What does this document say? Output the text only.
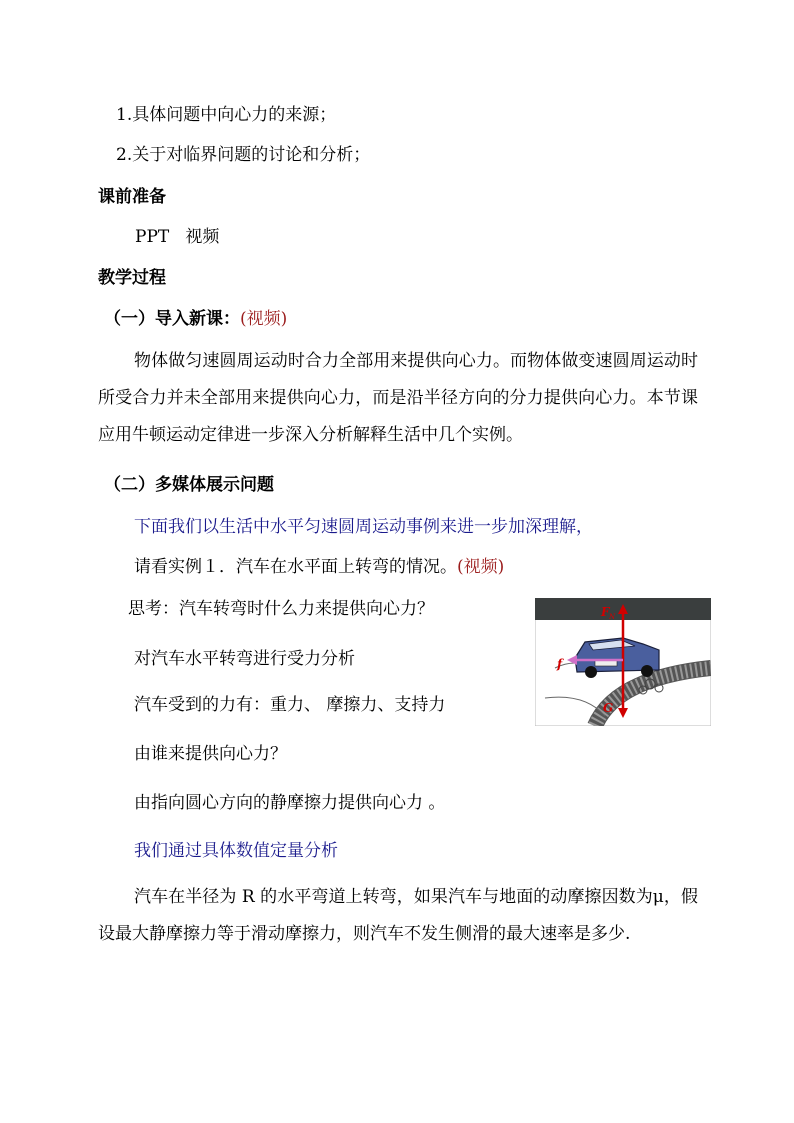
1.具体问题中向心力的来源；
2.关于对临界问题的讨论和分析；
课前准备
PPT   视频
教学过程
（一）导入新课：(视频)

物体做匀速圆周运动时合力全部用来提供向心力。而物体做变速圆周运动时所受合力并未全部用来提供向心力，而是沿半径方向的分力提供向心力。本节课应用牛顿运动定律进一步深入分析解释生活中几个实例。

（二）多媒体展示问题
下面我们以生活中水平匀速圆周运动事例来进一步加深理解，
请看实例１．汽车在水平面上转弯的情况。(视频)
思考：汽车转弯时什么力来提供向心力？
对汽车水平转弯进行受力分析
汽车受到的力有：重力、 摩擦力、支持力
由谁来提供向心力？
由指向圆心方向的静摩擦力提供向心力 。
我们通过具体数值定量分析

汽车在半径为 R 的水平弯道上转弯，如果汽车与地面的动摩擦因数为μ，假设最大静摩擦力等于滑动摩擦力，则汽车不发生侧滑的最大速率是多少.

F N
G
f
